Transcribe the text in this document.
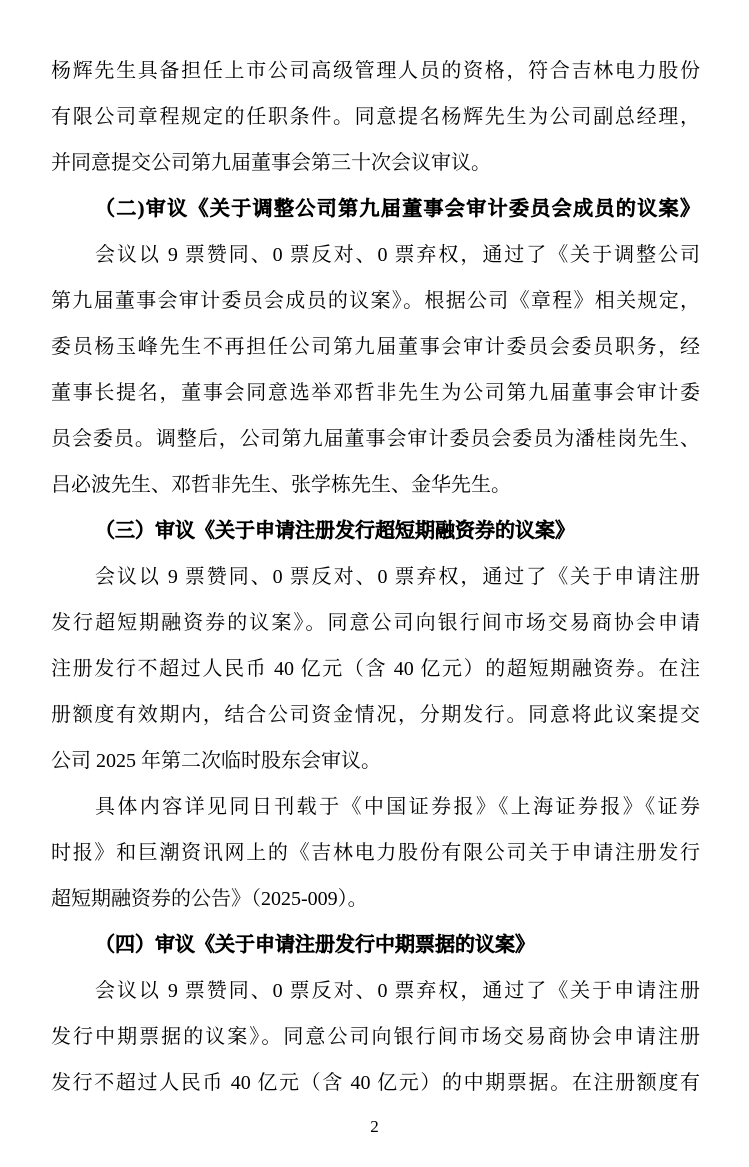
杨辉先生具备担任上市公司高级管理人员的资格，符合吉林电力股份
有限公司章程规定的任职条件。同意提名杨辉先生为公司副总经理，
并同意提交公司第九届董事会第三十次会议审议。
（二)审议《关于调整公司第九届董事会审计委员会成员的议案》
会议以 9 票赞同、0 票反对、0 票弃权，通过了《关于调整公司
第九届董事会审计委员会成员的议案》。根据公司《章程》相关规定，
委员杨玉峰先生不再担任公司第九届董事会审计委员会委员职务，经
董事长提名，董事会同意选举邓哲非先生为公司第九届董事会审计委
员会委员。调整后，公司第九届董事会审计委员会委员为潘桂岗先生、
吕必波先生、邓哲非先生、张学栋先生、金华先生。
（三）审议《关于申请注册发行超短期融资券的议案》
会议以 9 票赞同、0 票反对、0 票弃权，通过了《关于申请注册
发行超短期融资券的议案》。同意公司向银行间市场交易商协会申请
注册发行不超过人民币 40 亿元（含 40 亿元）的超短期融资券。在注
册额度有效期内，结合公司资金情况，分期发行。同意将此议案提交
公司 2025 年第二次临时股东会审议。
具体内容详见同日刊载于《中国证券报》《上海证券报》《证券
时报》和巨潮资讯网上的《吉林电力股份有限公司关于申请注册发行
超短期融资券的公告》（2025-009）。
（四）审议《关于申请注册发行中期票据的议案》
会议以 9 票赞同、0 票反对、0 票弃权，通过了《关于申请注册
发行中期票据的议案》。同意公司向银行间市场交易商协会申请注册
发行不超过人民币 40 亿元（含 40 亿元）的中期票据。在注册额度有
2
